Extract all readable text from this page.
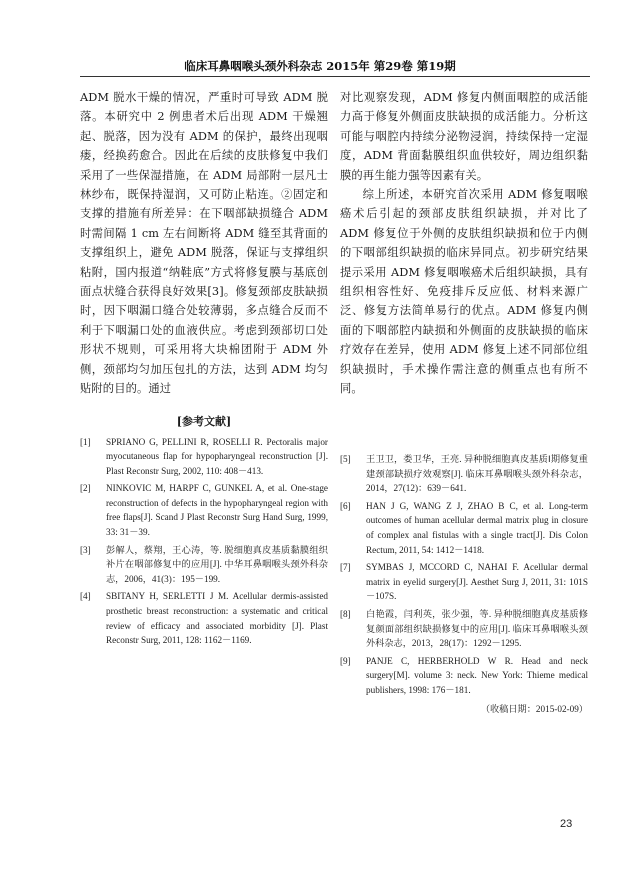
临床耳鼻咽喉头颈外科杂志 2015年 第29卷 第19期

ADM 脱水干燥的情况，严重时可导致 ADM 脱落。本研究中 2 例患者术后出现 ADM 干燥翘起、脱落，因为没有 ADM 的保护，最终出现咽瘘，经换药愈合。因此在后续的皮肤修复中我们采用了一些保湿措施，在 ADM 局部附一层凡士林纱布，既保持湿润，又可防止粘连。②固定和支撑的措施有所差异：在下咽部缺损缝合 ADM 时需间隔 1 cm 左右间断将 ADM 缝至其背面的支撑组织上，避免 ADM 脱落，保证与支撑组织粘附，国内报道“纳鞋底”方式将修复膜与基底创面点状缝合获得良好效果[3]。修复颈部皮肤缺损时，因下咽漏口缝合处较薄弱，多点缝合反而不利于下咽漏口处的血液供应。考虑到颈部切口处形状不规则，可采用将大块棉团附于 ADM 外侧，颈部均匀加压包扎的方法，达到 ADM 均匀贴附的目的。通过

[参考文献]
[1]	SPRIANO G, PELLINI R, ROSELLI R. Pectoralis major myocutaneous flap for hypopharyngeal reconstruction [J]. Plast Reconstr Surg, 2002, 110: 408－413.
[2]	NINKOVIC M, HARPF C, GUNKEL A, et al. One-stage reconstruction of defects in the hypopharyngeal region with free flaps[J]. Scand J Plast Reconstr Surg Hand Surg, 1999, 33: 31－39.
[3]	彭解人，蔡翔，王心涛，等. 脱细胞真皮基质黏膜组织补片在咽部修复中的应用[J]. 中华耳鼻咽喉头颈外科杂志，2006，41(3)：195－199.
[4]	SBITANY H, SERLETTI J M. Acellular dermis-assisted prosthetic breast reconstruction: a systematic and critical review of efficacy and associated morbidity [J]. Plast Reconstr Surg, 2011, 128: 1162－1169.

对比观察发现，ADM 修复内侧面咽腔的成活能力高于修复外侧面皮肤缺损的成活能力。分析这可能与咽腔内持续分泌物浸润，持续保持一定湿度，ADM 背面黏膜组织血供较好，周边组织黏膜的再生能力强等因素有关。

综上所述，本研究首次采用 ADM 修复咽喉癌术后引起的颈部皮肤组织缺损，并对比了 ADM 修复位于外侧的皮肤组织缺损和位于内侧的下咽部组织缺损的临床异同点。初步研究结果提示采用 ADM 修复咽喉癌术后组织缺损，具有组织相容性好、免疫排斥反应低、材料来源广泛、修复方法简单易行的优点。ADM 修复内侧面的下咽部腔内缺损和外侧面的皮肤缺损的临床疗效存在差异，使用 ADM 修复上述不同部位组织缺损时，手术操作需注意的侧重点也有所不同。

[5]	王卫卫，娄卫华，王亮. 异种脱细胞真皮基质Ⅰ期修复重建颈部缺损疗效观察[J]. 临床耳鼻咽喉头颈外科杂志，2014，27(12)：639－641.
[6]	HAN J G, WANG Z J, ZHAO B C, et al. Long-term outcomes of human acellular dermal matrix plug in closure of complex anal fistulas with a single tract[J]. Dis Colon Rectum, 2011, 54: 1412－1418.
[7]	SYMBAS J, MCCORD C, NAHAI F. Acellular dermal matrix in eyelid surgery[J]. Aesthet Surg J, 2011, 31: 101S－107S.
[8]	白艳霞，闫利英，张少强，等. 异种脱细胞真皮基质修复颜面部组织缺损修复中的应用[J]. 临床耳鼻咽喉头颈外科杂志，2013，28(17)：1292－1295.
[9]	PANJE C, HERBERHOLD W R. Head and neck surgery[M]. volume 3: neck. New York: Thieme medical publishers, 1998: 176－181.
（收稿日期：2015-02-09）
23
